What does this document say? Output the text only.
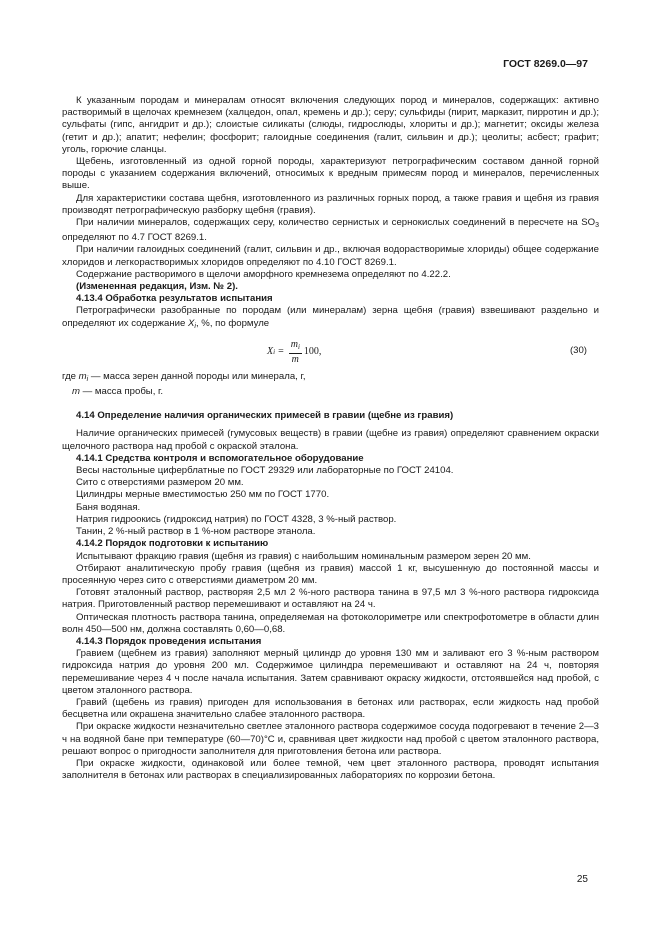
ГОСТ 8269.0—97

К указанным породам и минералам относят включения следующих пород и минералов, содержащих: активно растворимый в щелочах кремнезем (халцедон, опал, кремень и др.); серу; сульфиды (пирит, марказит, пирротин и др.); сульфаты (гипс, ангидрит и др.); слоистые силикаты (слюды, гидрослюды, хлориты и др.); магнетит; оксиды железа (гетит и др.); апатит; нефелин; фосфорит; галоидные соединения (галит, сильвин и др.); цеолиты; асбест; графит; уголь, горючие сланцы.

Щебень, изготовленный из одной горной породы, характеризуют петрографическим составом данной горной породы с указанием содержания включений, относимых к вредным примесям пород и минералов, перечисленных выше.

Для характеристики состава щебня, изготовленного из различных горных пород, а также гравия и щебня из гравия производят петрографическую разборку щебня (гравия).

При наличии минералов, содержащих серу, количество сернистых и сернокислых соединений в пересчете на $SO_3$ определяют по 4.7 ГОСТ 8269.1.

При наличии галоидных соединений (галит, сильвин и др., включая водорастворимые хлориды) общее содержание хлоридов и легкорастворимых хлоридов определяют по 4.10 ГОСТ 8269.1.

Содержание растворимого в щелочи аморфного кремнезема определяют по 4.22.2.

(Измененная редакция, Изм. № 2).

4.13.4 Обработка результатов испытания

Петрографически разобранные по породам (или минералам) зерна щебня (гравия) взвешивают раздельно и определяют их содержание $X_i$, %, по формуле

X $i = \frac{m_i}{m} 100$,	(30)

где $m_i$ — масса зерен данной породы или минерала, г,

m — масса пробы, г.

4.14 Определение наличия органических примесей в гравии (щебне из гравия)

Наличие органических примесей (гумусовых веществ) в гравии (щебне из гравия) определяют сравнением окраски щелочного раствора над пробой с окраской эталона.

4.14.1 Средства контроля и вспомогательное оборудование

Весы настольные циферблатные по ГОСТ 29329 или лабораторные по ГОСТ 24104.

Сито с отверстиями размером 20 мм.

Цилиндры мерные вместимостью 250 мм по ГОСТ 1770.

Баня водяная.

Натрия гидроокись (гидроксид натрия) по ГОСТ 4328, 3 %-ный раствор.

Танин, 2 %-ный раствор в 1 %-ном растворе этанола.

4.14.2 Порядок подготовки к испытанию

Испытывают фракцию гравия (щебня из гравия) с наибольшим номинальным размером зерен 20 мм.

Отбирают аналитическую пробу гравия (щебня из гравия) массой 1 кг, высушенную до постоянной массы и просеянную через сито с отверстиями диаметром 20 мм.

Готовят эталонный раствор, растворяя 2,5 мл 2 %-ного раствора танина в 97,5 мл 3 %-ного раствора гидроксида натрия. Приготовленный раствор перемешивают и оставляют на 24 ч.

Оптическая плотность раствора танина, определяемая на фотоколориметре или спектрофотометре в области длин волн 450—500 нм, должна составлять 0,60—0,68.

4.14.3 Порядок проведения испытания

Гравием (щебнем из гравия) заполняют мерный цилиндр до уровня 130 мм и заливают его 3 %-ным раствором гидроксида натрия до уровня 200 мл. Содержимое цилиндра перемешивают и оставляют на 24 ч, повторяя перемешивание через 4 ч после начала испытания. Затем сравнивают окраску жидкости, отстоявшейся над пробой, с цветом эталонного раствора.

Гравий (щебень из гравия) пригоден для использования в бетонах или растворах, если жидкость над пробой бесцветна или окрашена значительно слабее эталонного раствора.

При окраске жидкости незначительно светлее эталонного раствора содержимое сосуда подогревают в течение 2—3 ч на водяной бане при температуре (60—70)°С и, сравнивая цвет жидкости над пробой с цветом эталонного раствора, решают вопрос о пригодности заполнителя для приготовления бетона или раствора.

При окраске жидкости, одинаковой или более темной, чем цвет эталонного раствора, проводят испытания заполнителя в бетонах или растворах в специализированных лабораториях по коррозии бетона.

25
